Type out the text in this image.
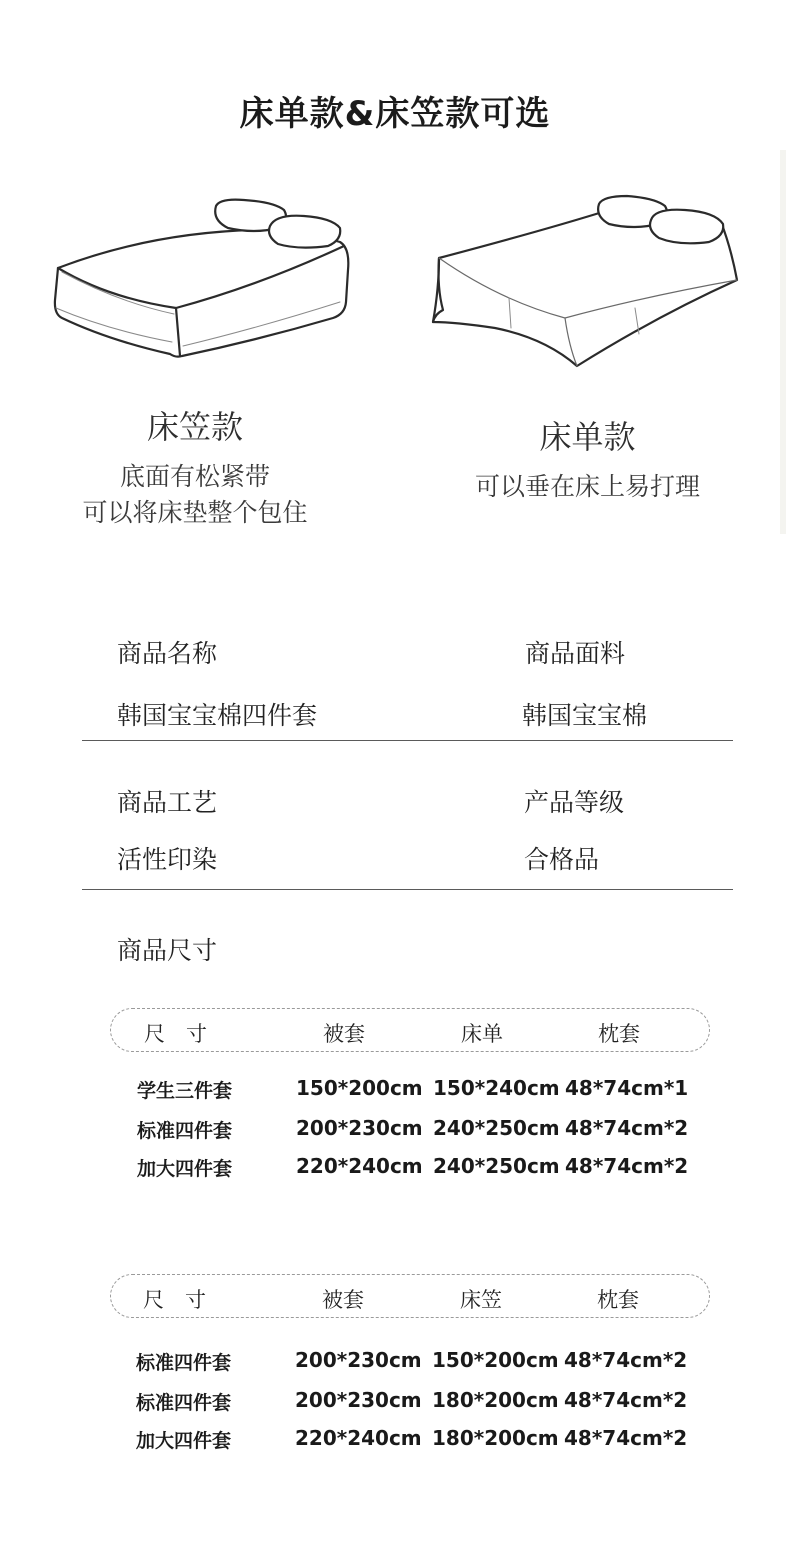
床单款&床笠款可选
床笠款
底面有松紧带
可以将床垫整个包住
床单款
可以垂在床上易打理
商品名称	商品面料
韩国宝宝棉四件套	韩国宝宝棉
商品工艺	产品等级
活性印染	合格品
商品尺寸
尺　寸	被套	床单	枕套
学生三件套	150*200cm 150*240cm 48*74cm*1
标准四件套	200*230cm 240*250cm 48*74cm*2
加大四件套	220*240cm 240*250cm 48*74cm*2
尺　寸	被套	床笠	枕套
标准四件套	200*230cm 150*200cm 48*74cm*2
标准四件套	200*230cm 180*200cm 48*74cm*2
加大四件套	220*240cm 180*200cm 48*74cm*2
